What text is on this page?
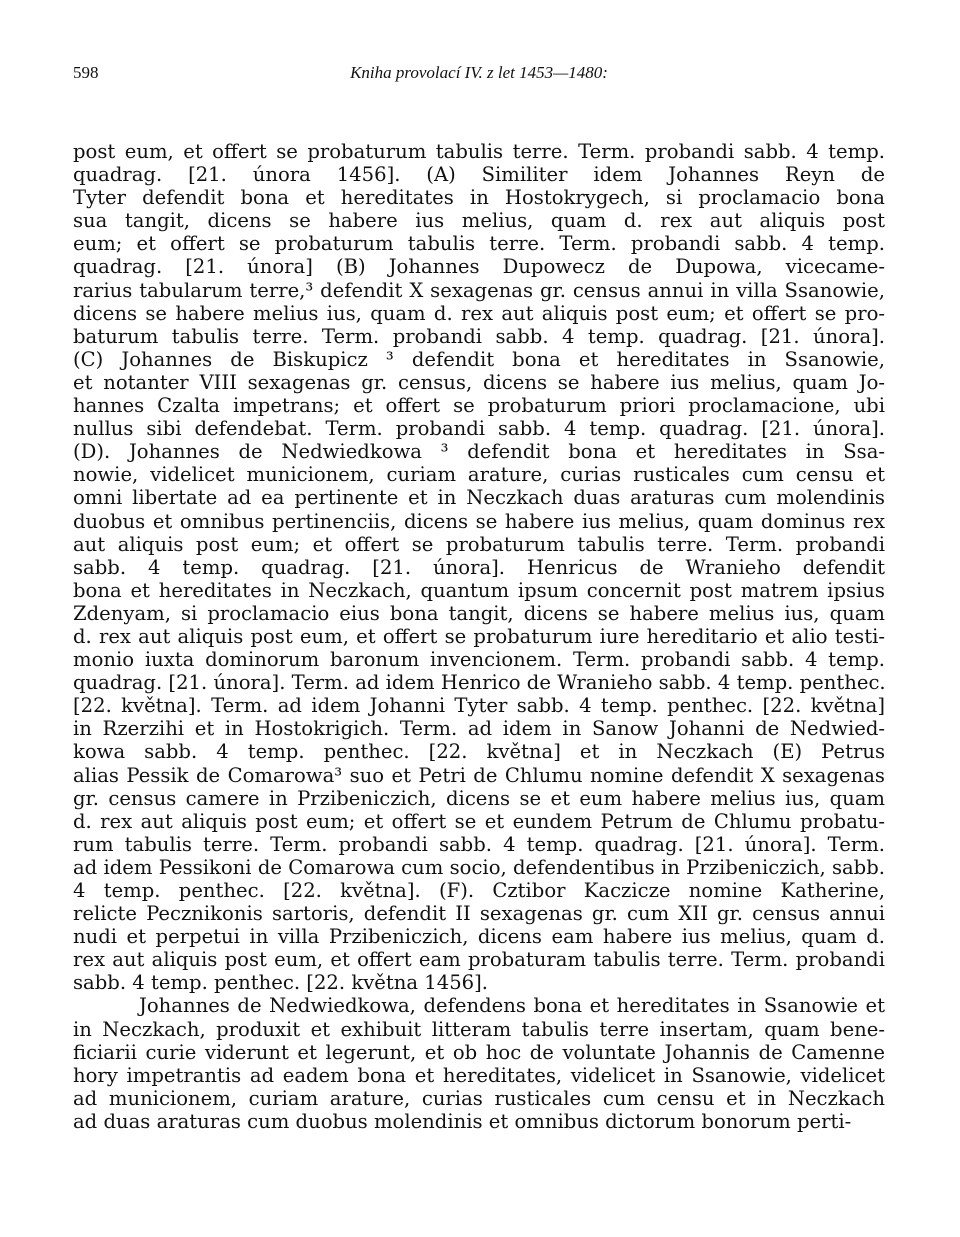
598	Kniha provolací IV. z let 1453—1480:
post eum, et offert se probaturum tabulis terre. Term. probandi sabb. 4 temp.
quadrag. [21. února 1456]. (A) Similiter idem Johannes Reyn de
Tyter defendit bona et hereditates in Hostokrygech, si proclamacio bona
sua tangit, dicens se habere ius melius, quam d. rex aut aliquis post
eum; et offert se probaturum tabulis terre. Term. probandi sabb. 4 temp.
quadrag. [21. února] (B) Johannes Dupowecz de Dupowa, vicecame-
rarius tabularum terre,³ defendit X sexagenas gr. census annui in villa Ssanowie,
dicens se habere melius ius, quam d. rex aut aliquis post eum; et offert se pro-
baturum tabulis terre. Term. probandi sabb. 4 temp. quadrag. [21. února].
(C) Johannes de Biskupicz ³ defendit bona et hereditates in Ssanowie,
et notanter VIII sexagenas gr. census, dicens se habere ius melius, quam Jo-
hannes Czalta impetrans; et offert se probaturum priori proclamacione, ubi
nullus sibi defendebat. Term. probandi sabb. 4 temp. quadrag. [21. února].
(D). Johannes de Nedwiedkowa ³ defendit bona et hereditates in Ssa-
nowie, videlicet municionem, curiam arature, curias rusticales cum censu et
omni libertate ad ea pertinente et in Neczkach duas araturas cum molendinis
duobus et omnibus pertinenciis, dicens se habere ius melius, quam dominus rex
aut aliquis post eum; et offert se probaturum tabulis terre. Term. probandi
sabb. 4 temp. quadrag. [21. února]. Henricus de Wranieho defendit
bona et hereditates in Neczkach, quantum ipsum concernit post matrem ipsius
Zdenyam, si proclamacio eius bona tangit, dicens se habere melius ius, quam
d. rex aut aliquis post eum, et offert se probaturum iure hereditario et alio testi-
monio iuxta dominorum baronum invencionem. Term. probandi sabb. 4 temp.
quadrag. [21. února]. Term. ad idem Henrico de Wranieho sabb. 4 temp. penthec.
[22. května]. Term. ad idem Johanni Tyter sabb. 4 temp. penthec. [22. května]
in Rzerzihi et in Hostokrigich. Term. ad idem in Sanow Johanni de Nedwied-
kowa sabb. 4 temp. penthec. [22. května] et in Neczkach (E) Petrus
alias Pessik de Comarowa³ suo et Petri de Chlumu nomine defendit X sexagenas
gr. census camere in Przibeniczich, dicens se et eum habere melius ius, quam
d. rex aut aliquis post eum; et offert se et eundem Petrum de Chlumu probatu-
rum tabulis terre. Term. probandi sabb. 4 temp. quadrag. [21. února]. Term.
ad idem Pessikoni de Comarowa cum socio, defendentibus in Przibeniczich, sabb.
4 temp. penthec. [22. května]. (F). Cztibor Kaczicze nomine Katherine,
relicte Pecznikonis sartoris, defendit II sexagenas gr. cum XII gr. census annui
nudi et perpetui in villa Przibeniczich, dicens eam habere ius melius, quam d.
rex aut aliquis post eum, et offert eam probaturam tabulis terre. Term. probandi
sabb. 4 temp. penthec. [22. května 1456].
Johannes de Nedwiedkowa, defendens bona et hereditates in Ssanowie et
in Neczkach, produxit et exhibuit litteram tabulis terre insertam, quam bene-
ficiarii curie viderunt et legerunt, et ob hoc de voluntate Johannis de Camenne
hory impetrantis ad eadem bona et hereditates, videlicet in Ssanowie, videlicet
ad municionem, curiam arature, curias rusticales cum censu et in Neczkach
ad duas araturas cum duobus molendinis et omnibus dictorum bonorum perti-
